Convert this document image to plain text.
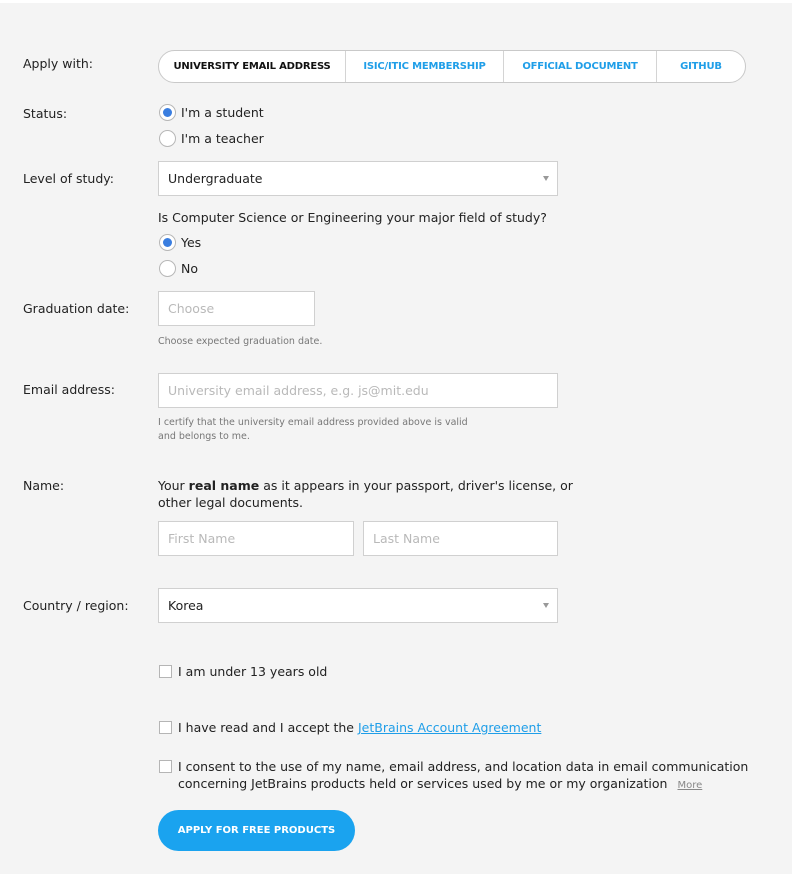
Apply with:	UNIVERSITY EMAIL ADDRESS	ISIC/ITIC MEMBERSHIP	OFFICIAL DOCUMENT	GITHUB
Status:	I'm a student
I'm a teacher
Level of study:	Undergraduate
Is Computer Science or Engineering your major field of study?
Yes
No
Graduation date:	Choose
Choose expected graduation date.
Email address:	University email address, e.g. js@mit.edu
I certify that the university email address provided above is valid
and belongs to me.
Name:	Your real name as it appears in your passport, driver's license, or
other legal documents.
First Name	Last Name
Country / region:	Korea
I am under 13 years old
I have read and I accept the JetBrains Account Agreement
I consent to the use of my name, email address, and location data in email communication
concerning JetBrains products held or services used by me or my organization More
APPLY FOR FREE PRODUCTS
